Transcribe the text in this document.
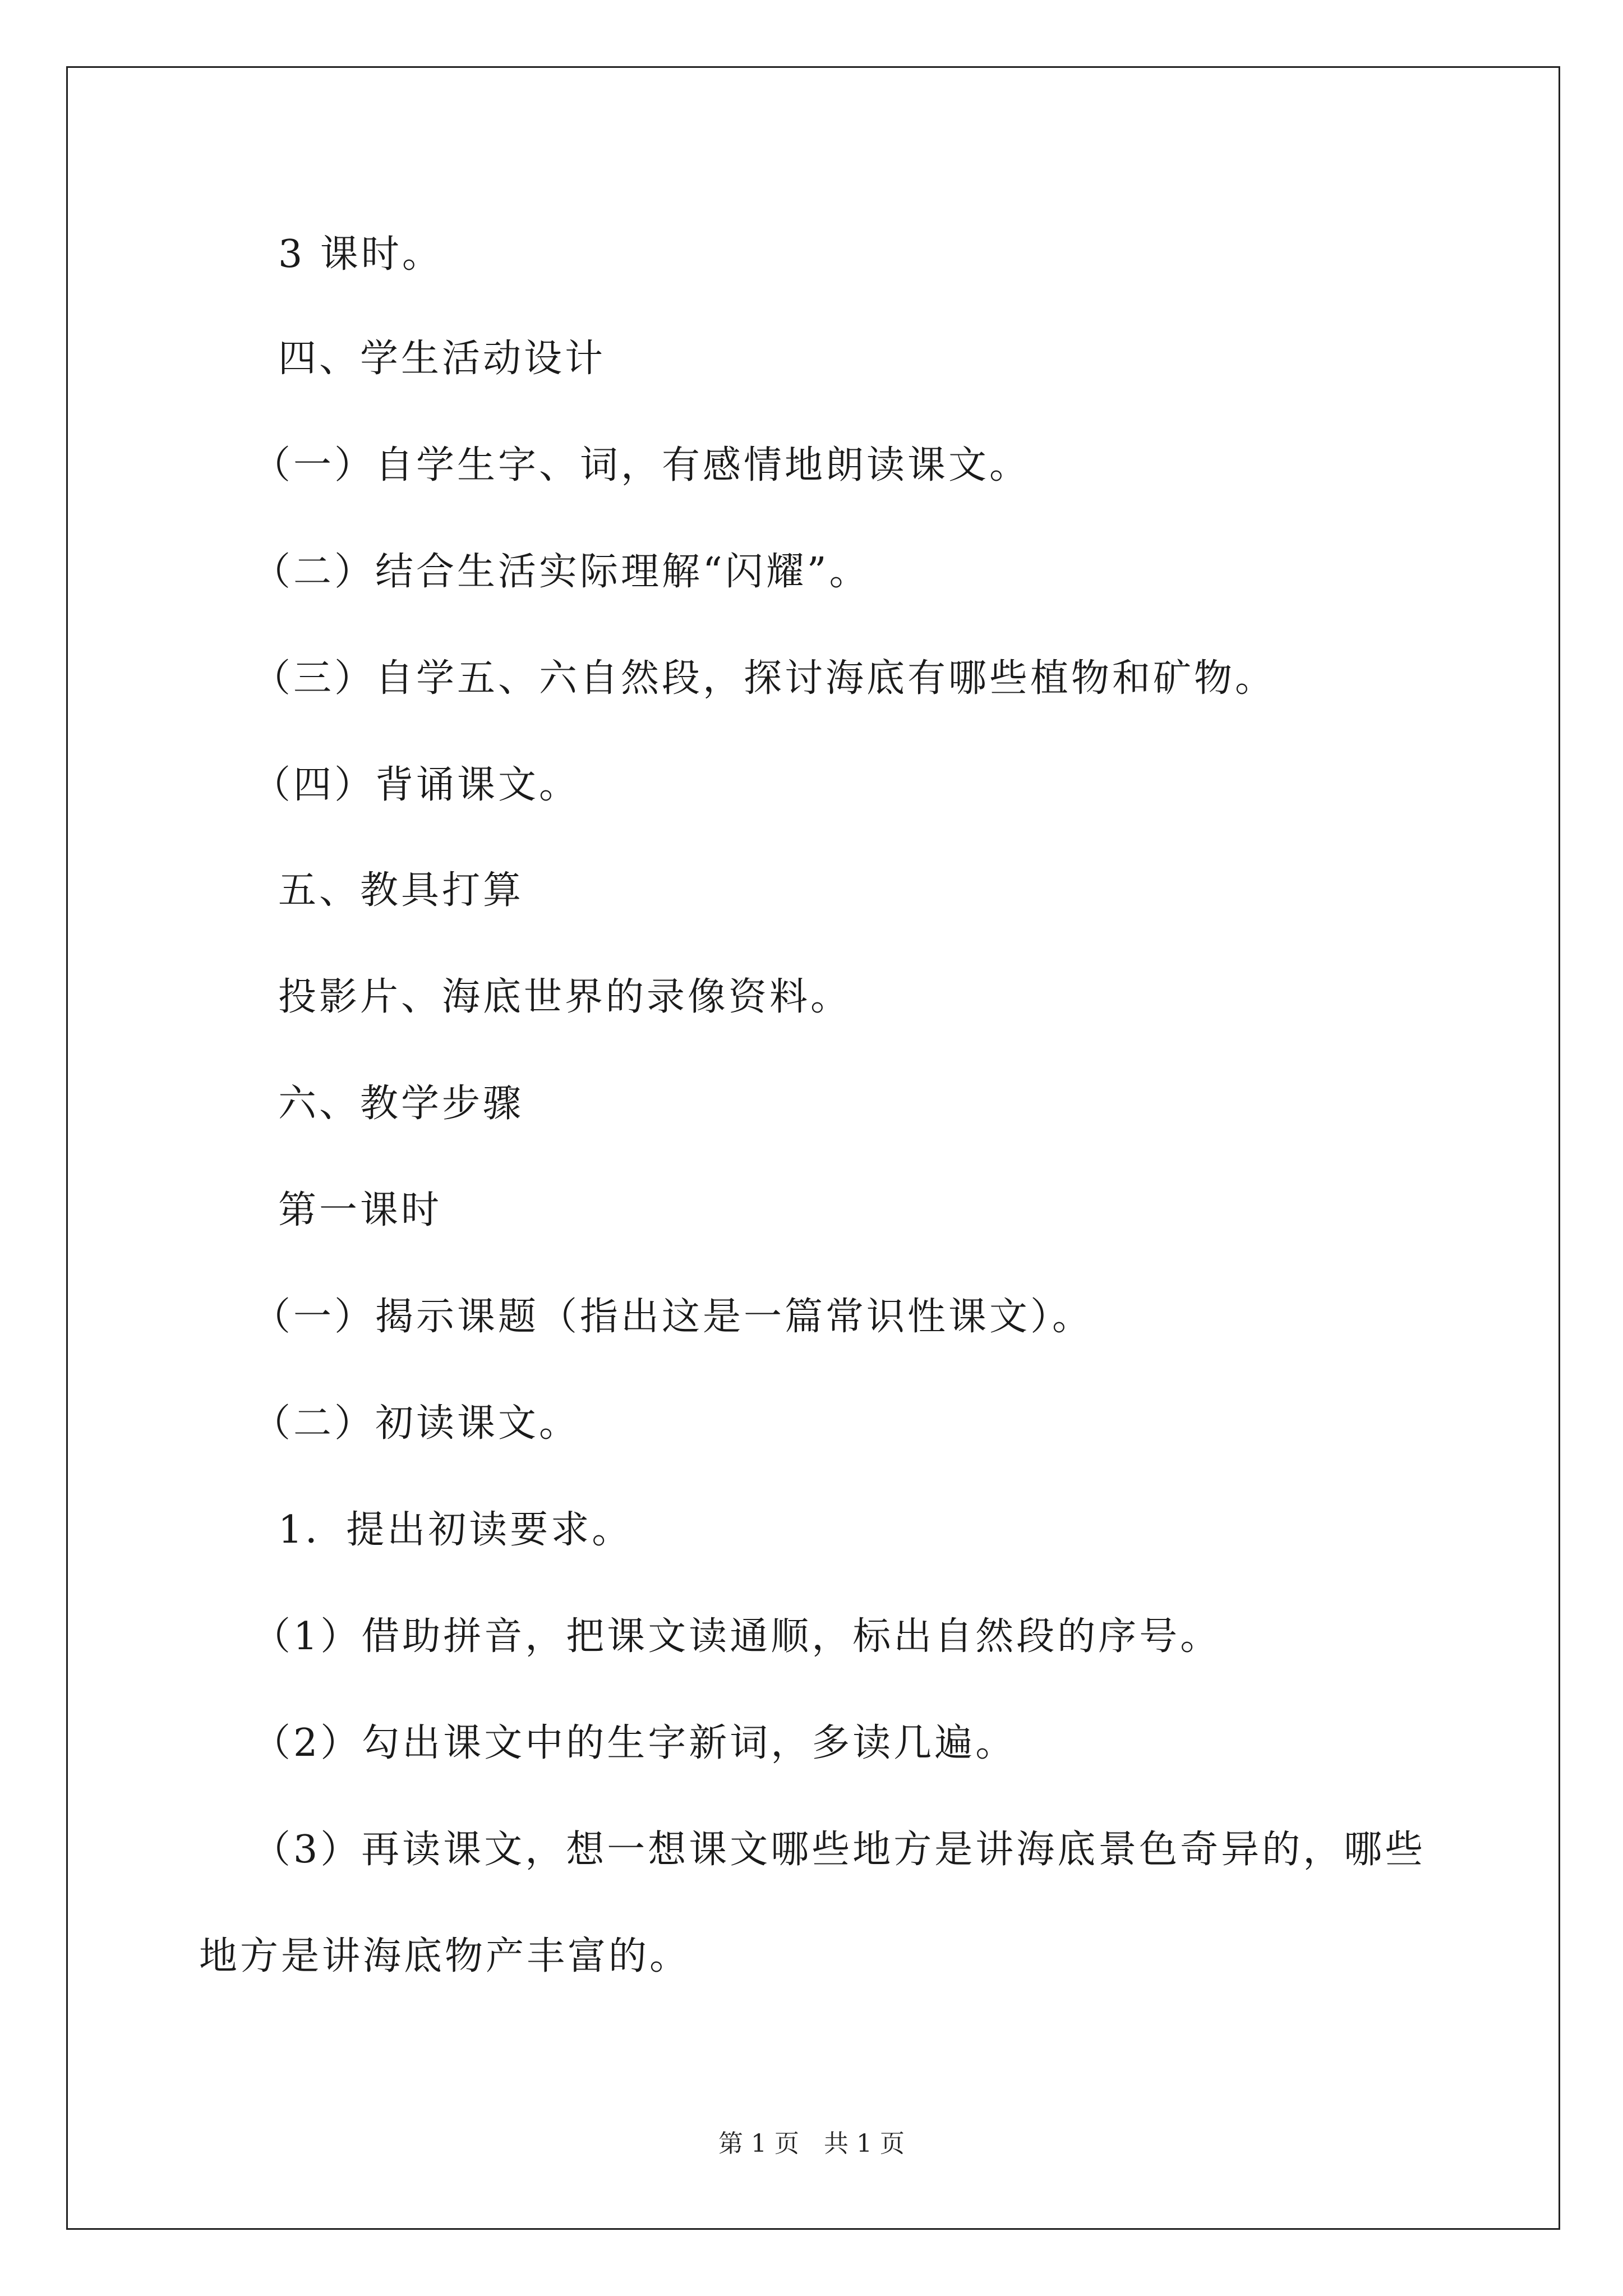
3 课时。
四、学生活动设计
（一）自学生字、词，有感情地朗读课文。
（二）结合生活实际理解“闪耀”。
（三）自学五、六自然段，探讨海底有哪些植物和矿物。
（四）背诵课文。
五、教具打算
投影片、海底世界的录像资料。
六、教学步骤
第一课时
（一）揭示课题（指出这是一篇常识性课文）。
（二）初读课文。
1．提出初读要求。
（1）借助拼音，把课文读通顺，标出自然段的序号。
（2）勾出课文中的生字新词，多读几遍。
（3）再读课文，想一想课文哪些地方是讲海底景色奇异的，哪些
地方是讲海底物产丰富的。
第 1 页　共 1 页
